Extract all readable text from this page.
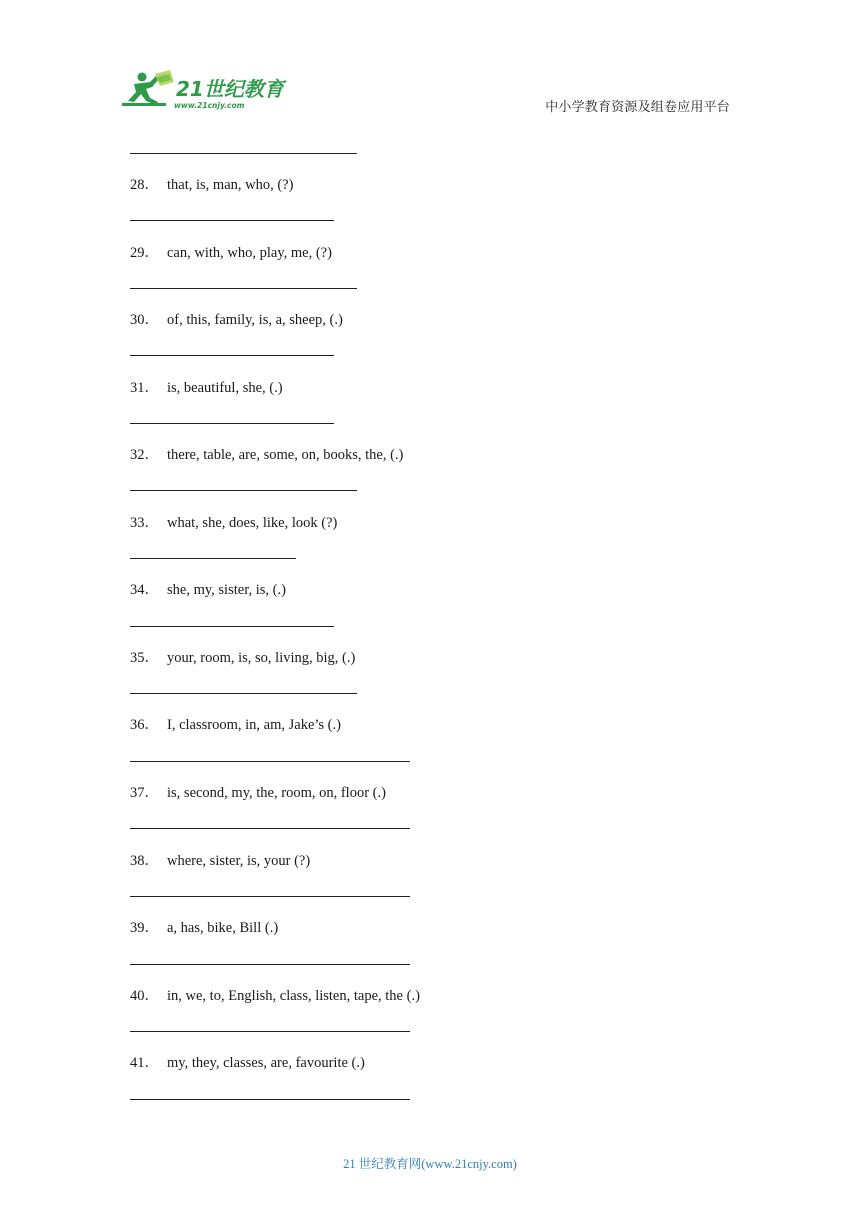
21世纪教育
www.21cnjy.com	中小学教育资源及组卷应用平台
28． that, is, man, who, (?)
29． can, with, who, play, me, (?)
30． of, this, family, is, a, sheep, (.)
31． is, beautiful, she, (.)
32． there, table, are, some, on, books, the, (.)
33． what, she, does, like, look (?)
34． she, my, sister, is, (.)
35． your, room, is, so, living, big, (.)
36． I, classroom, in, am, Jake’s (.)
37． is, second, my, the, room, on, floor (.)
38． where, sister, is, your (?)
39． a, has, bike, Bill (.)
40． in, we, to, English, class, listen, tape, the (.)
41． my, they, classes, are, favourite (.)
21 世纪教育网(www.21cnjy.com)
